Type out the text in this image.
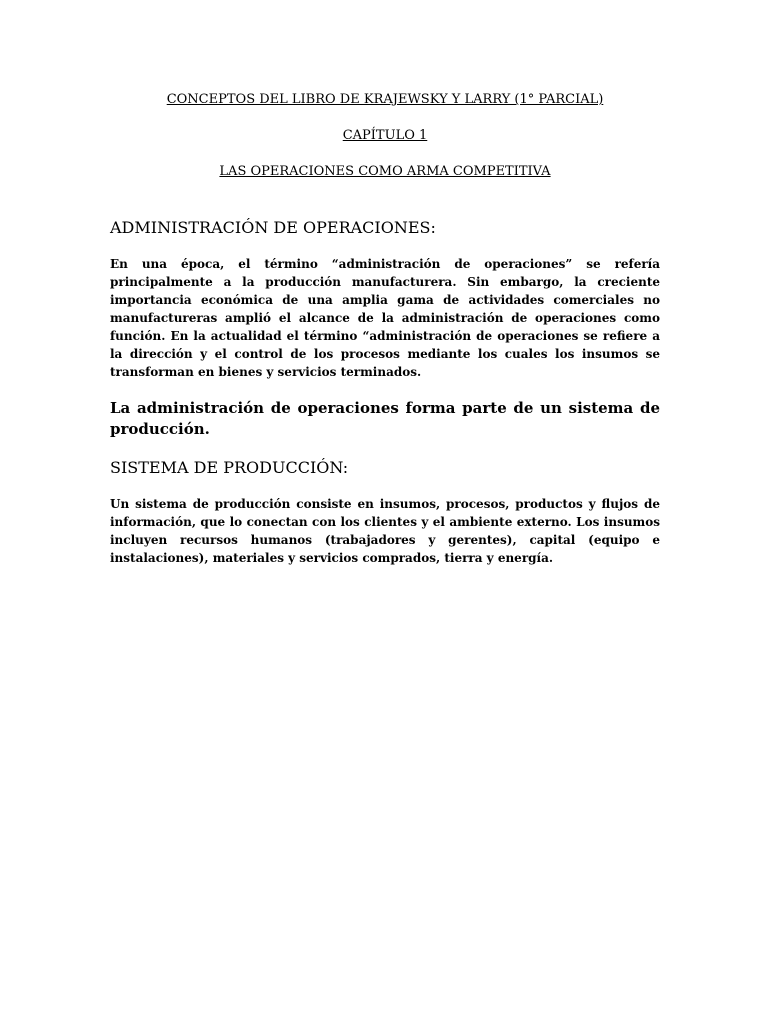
CONCEPTOS DEL LIBRO DE KRAJEWSKY Y LARRY (1° PARCIAL)

CAPÍTULO 1

LAS OPERACIONES COMO ARMA COMPETITIVA

ADMINISTRACIÓN DE OPERACIONES:

En una época, el término “administración de operaciones” se refería principalmente a la producción manufacturera. Sin embargo, la creciente importancia económica de una amplia gama de actividades comerciales no manufactureras amplió el alcance de la administración de operaciones como función. En la actualidad el término “administración de operaciones se refiere a la dirección y el control de los procesos mediante los cuales los insumos se transforman en bienes y servicios terminados.

La administración de operaciones forma parte de un sistema de producción.

SISTEMA DE PRODUCCIÓN:

Un sistema de producción consiste en insumos, procesos, productos y flujos de información, que lo conectan con los clientes y el ambiente externo. Los insumos incluyen recursos humanos (trabajadores y gerentes), capital (equipo e instalaciones), materiales y servicios comprados, tierra y energía.
